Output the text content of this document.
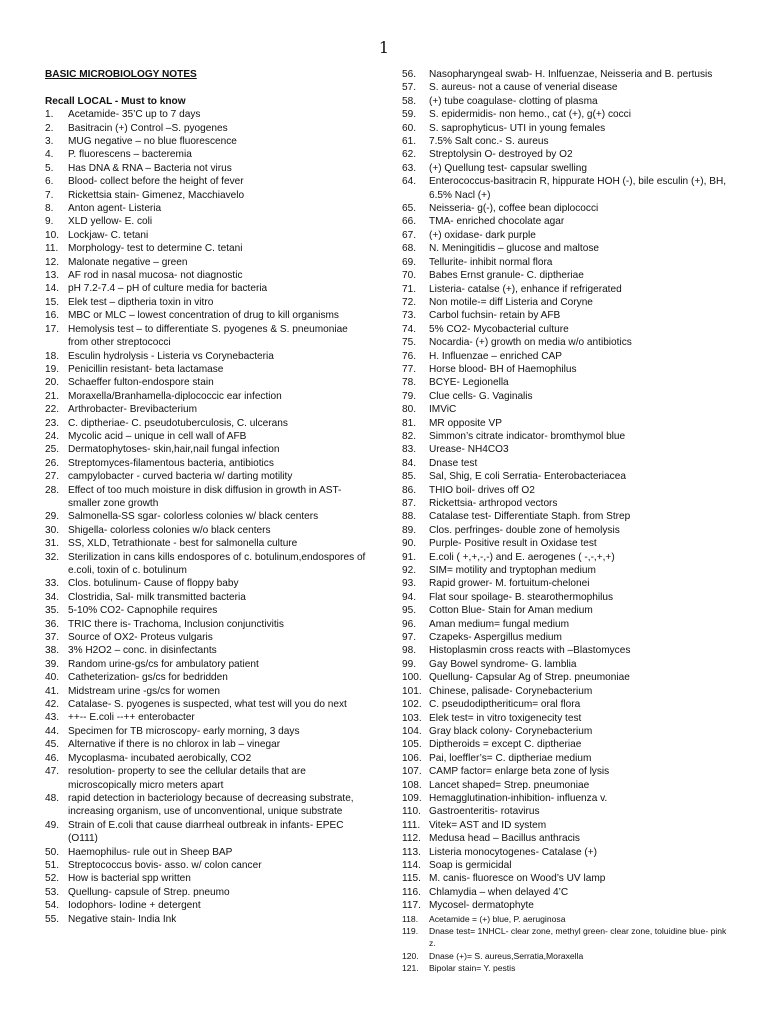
1
BASIC MICROBIOLOGY NOTES
Recall LOCAL - Must to know
1.	Acetamide- 35’C up to 7 days
2.	Basitracin (+) Control –S. pyogenes
3.	MUG negative – no blue fluorescence
4.	P. fluorescens – bacteremia
5.	Has DNA & RNA – Bacteria not virus
6.	Blood- collect before the height of fever
7.	Rickettsia stain- Gimenez, Macchiavelo
8.	Anton agent- Listeria
9.	XLD yellow- E. coli
10. Lockjaw- C. tetani
11. Morphology- test to determine C. tetani
12. Malonate negative – green
13. AF rod in nasal mucosa- not diagnostic
14. pH 7.2-7.4 – pH of culture media for bacteria
15. Elek test – diptheria toxin in vitro
16. MBC or MLC – lowest concentration of drug to kill organisms
17. Hemolysis test – to differentiate S. pyogenes & S. pneumoniae from other streptococci
18. Esculin hydrolysis - Listeria vs Corynebacteria
19. Penicillin resistant- beta lactamase
20. Schaeffer fulton-endospore stain
21. Moraxella/Branhamella-diplococcic ear infection
22. Arthrobacter- Brevibacterium
23. C. diptheriae- C. pseudotuberculosis, C. ulcerans
24. Mycolic acid – unique in cell wall of AFB
25. Dermatophytoses- skin,hair,nail fungal infection
26. Streptomyces-filamentous bacteria, antibiotics
27. campylobacter - curved bacteria w/ darting motility
28. Effect of too much moisture in disk diffusion in growth in AST- smaller zone growth
29. Salmonella-SS sgar- colorless colonies w/ black centers
30. Shigella- colorless colonies w/o black centers
31. SS, XLD, Tetrathionate - best for salmonella culture
32. Sterilization in cans kills endospores of c. botulinum,endospores of e.coli, toxin of c. botulinum
33. Clos. botulinum- Cause of floppy baby
34. Clostridia, Sal- milk transmitted bacteria
35. 5-10% CO2- Capnophile requires
36. TRIC there is- Trachoma, Inclusion conjunctivitis
37. Source of OX2- Proteus vulgaris
38. 3% H2O2 – conc. in disinfectants
39. Random urine-gs/cs for ambulatory patient
40. Catheterization- gs/cs for bedridden
41. Midstream urine -gs/cs for women
42. Catalase- S. pyogenes is suspected, what test will you do next
43. ++-- E.coli --++ enterobacter
44. Specimen for TB microscopy- early morning, 3 days
45. Alternative if there is no chlorox in lab – vinegar
46. Mycoplasma- incubated aerobically, CO2
47. resolution- property to see the cellular details that are microscopically micro meters apart
48. rapid detection in bacteriology because of decreasing substrate, increasing organism, use of unconventional, unique substrate
49. Strain of E.coli that cause diarrheal outbreak in infants- EPEC (O111)
50. Haemophilus- rule out in Sheep BAP
51. Streptococcus bovis- asso. w/ colon cancer
52. How is bacterial spp written
53. Quellung- capsule of Strep. pneumo
54. Iodophors- Iodine + detergent
55. Negative stain- India Ink
56.	Nasopharyngeal swab- H. Inlfuenzae, Neisseria and B. pertusis
57.	S. aureus- not a cause of venerial disease
58.	(+) tube coagulase- clotting of plasma
59.	S. epidermidis- non hemo., cat (+), g(+) cocci
60.	S. saprophyticus- UTI in young females
61.	7.5% Salt conc.- S. aureus
62.	Streptolysin O- destroyed by O2
63.	(+) Quellung test- capsular swelling
64.	Enterococcus-basitracin R, hippurate HOH (-), bile esculin (+), BH, 6.5% Nacl (+)
65.	Neisseria- g(-), coffee bean diplococci
66.	TMA- enriched chocolate agar
67.	(+) oxidase- dark purple
68.	N. Meningitidis – glucose and maltose
69.	Tellurite- inhibit normal flora
70.	Babes Ernst granule- C. diptheriae
71.	Listeria- catalse (+), enhance if refrigerated
72.	Non motile-= diff Listeria and Coryne
73.	Carbol fuchsin- retain by AFB
74.	5% CO2- Mycobacterial culture
75.	Nocardia- (+) growth on media w/o antibiotics
76.	H. Influenzae – enriched CAP
77.	Horse blood- BH of Haemophilus
78.	BCYE- Legionella
79.	Clue cells- G. Vaginalis
80.	IMViC
81.	MR opposite VP
82.	Simmon’s citrate indicator- bromthymol blue
83.	Urease- NH4CO3
84.	Dnase test
85.	Sal, Shig, E coli Serratia- Enterobacteriacea
86.	THIO boil- drives off O2
87.	Rickettsia- arthropod vectors
88.	Catalase test- Differentiate Staph. from Strep
89.	Clos. perfringes- double zone of hemolysis
90.	Purple- Positive result in Oxidase test
91.	E.coli ( +,+,-,-) and E. aerogenes ( -,-,+,+)
92.	SIM= motility and tryptophan medium
93.	Rapid grower- M. fortuitum-chelonei
94.	Flat sour spoilage- B. stearothermophilus
95.	Cotton Blue- Stain for Aman medium
96.	Aman medium= fungal medium
97.	Czapeks- Aspergillus medium
98.	Histoplasmin cross reacts with –Blastomyces
99.	Gay Bowel syndrome- G. lamblia
100. Quellung- Capsular Ag of Strep. pneumoniae
101. Chinese, palisade- Corynebacterium
102. C. pseudodiptheriticum= oral flora
103. Elek test= in vitro toxigenecity test
104. Gray black colony- Corynebacterium
105. Diptheroids = except C. diptheriae
106. Pai, loeffler’s= C. diptheriae medium
107. CAMP factor= enlarge beta zone of lysis
108. Lancet shaped= Strep. pneumoniae
109. Hemagglutination-inhibition- influenza v.
110. Gastroenteritis- rotavirus
111. Vitek= AST and ID system
112. Medusa head – Bacillus anthracis
113. Listeria monocytogenes- Catalase (+)
114. Soap is germicidal
115. M. canis- fluoresce on Wood’s UV lamp
116. Chlamydia – when delayed 4’C
117. Mycosel- dermatophyte
118.	Acetamide = (+) blue, P. aeruginosa
119.	Dnase test= 1NHCL- clear zone, methyl green- clear zone, toluidine blue- pink z.
120.	Dnase (+)= S. aureus,Serratia,Moraxella
121.	Bipolar stain= Y. pestis
